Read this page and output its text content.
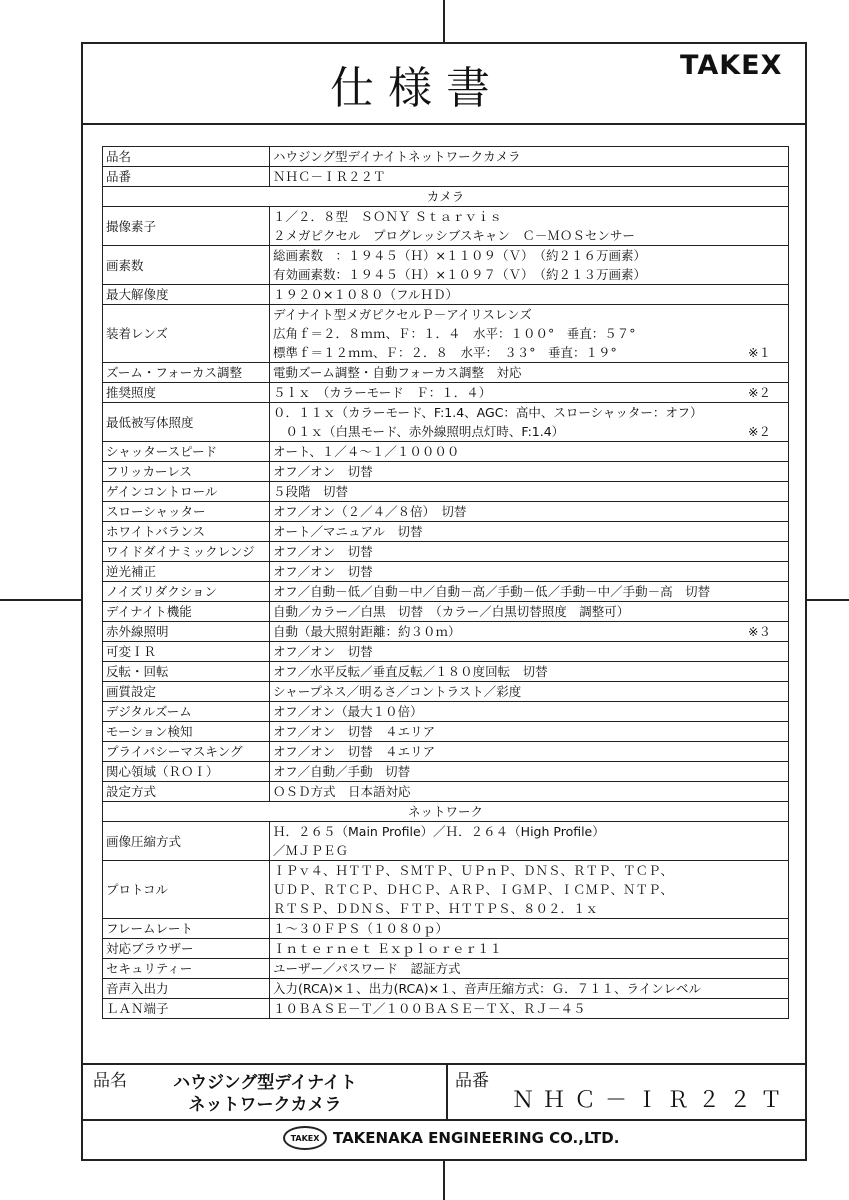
仕様書	TAKEX
品名	ハウジング型デイナイトネットワークカメラ

品番	ＮＨＣ－ＩＲ２２Ｔ

カメラ	
撮像素子	１／２．８型　ＳＯＮＹ Ｓｔａｒｖｉｓ
２メガピクセル　プログレッシブスキャン　Ｃ－ＭＯＳセンサー

画素数	総画素数　：１９４５（Ｈ）×１１０９（Ｖ）　（約２１６万画素）
有効画素数：１９４５（Ｈ）×１０９７（Ｖ）　（約２１３万画素）

最大解像度	１９２０×１０８０（フルＨＤ）

装着レンズ	デイナイト型メガピクセルＰ－アイリスレンズ
広角ｆ＝２．８ｍｍ、Ｆ：１．４　水平：１００°　垂直：５７°
標準ｆ＝１２ｍｍ、Ｆ：２．８　水平：　３３°　垂直：１９° ※１

ズーム・フォーカス調整	電動ズーム調整・自動フォーカス調整　対応

推奨照度	５ｌｘ　（カラーモード　Ｆ：１．４） ※２

最低被写体照度	０．１１ｘ（カラーモード、F:1.4、AGC：高中、スローシャッター：オフ）
　０１ｘ（白黒モード、赤外線照明点灯時、F:1.4） ※２

シャッタースピード	オート、１／４～１／１００００

フリッカーレス	オフ／オン　切替

ゲインコントロール	５段階　切替

スローシャッター	オフ／オン（２／４／８倍）　切替

ホワイトバランス	オート／マニュアル　切替

ワイドダイナミックレンジ	オフ／オン　切替

逆光補正	オフ／オン　切替

ノイズリダクション	オフ／自動－低／自動－中／自動－高／手動－低／手動－中／手動－高　切替

デイナイト機能	自動／カラー／白黒　切替　（カラー／白黒切替照度　調整可）

赤外線照明	自動（最大照射距離：約３０ｍ） ※３

可変ＩＲ	オフ／オン　切替

反転・回転	オフ／水平反転／垂直反転／１８０度回転　切替

画質設定	シャープネス／明るさ／コントラスト／彩度

デジタルズーム	オフ／オン（最大１０倍）

モーション検知	オフ／オン　切替　４エリア

プライバシーマスキング	オフ／オン　切替　４エリア

関心領域（ＲＯＩ）	オフ／自動／手動　切替

設定方式	ＯＳＤ方式　日本語対応

ネットワーク	
画像圧縮方式	Ｈ．２６５（Main Profile）／Ｈ．２６４（High Profile）
／ＭＪＰＥＧ

プロトコル	ＩＰｖ４、ＨＴＴＰ、ＳＭＴＰ、ＵＰｎＰ、ＤＮＳ、ＲＴＰ、ＴＣＰ、
ＵＤＰ、ＲＴＣＰ、ＤＨＣＰ、ＡＲＰ、ＩＧＭＰ、ＩＣＭＰ、ＮＴＰ、
ＲＴＳＰ、ＤＤＮＳ、ＦＴＰ、ＨＴＴＰＳ、８０２．１ｘ

フレームレート	１～３０ＦＰＳ（１０８０ｐ）

対応ブラウザー	Ｉｎｔｅｒｎｅｔ Ｅｘｐｌｏｒｅｒ１１

セキュリティー	ユーザー／パスワード　認証方式

音声入出力	入力(RCA)×１、出力(RCA)×１、音声圧縮方式：Ｇ．７１１、ラインレベル

ＬＡＮ端子	１０ＢＡＳＥ－Ｔ／１００ＢＡＳＥ－ＴＸ、ＲＪ－４５
品名	ハウジング型デイナイト
ネットワークカメラ
品番
ＮＨＣ－ＩＲ２２Ｔ
TAKEX TAKENAKA ENGINEERING CO.,LTD.
